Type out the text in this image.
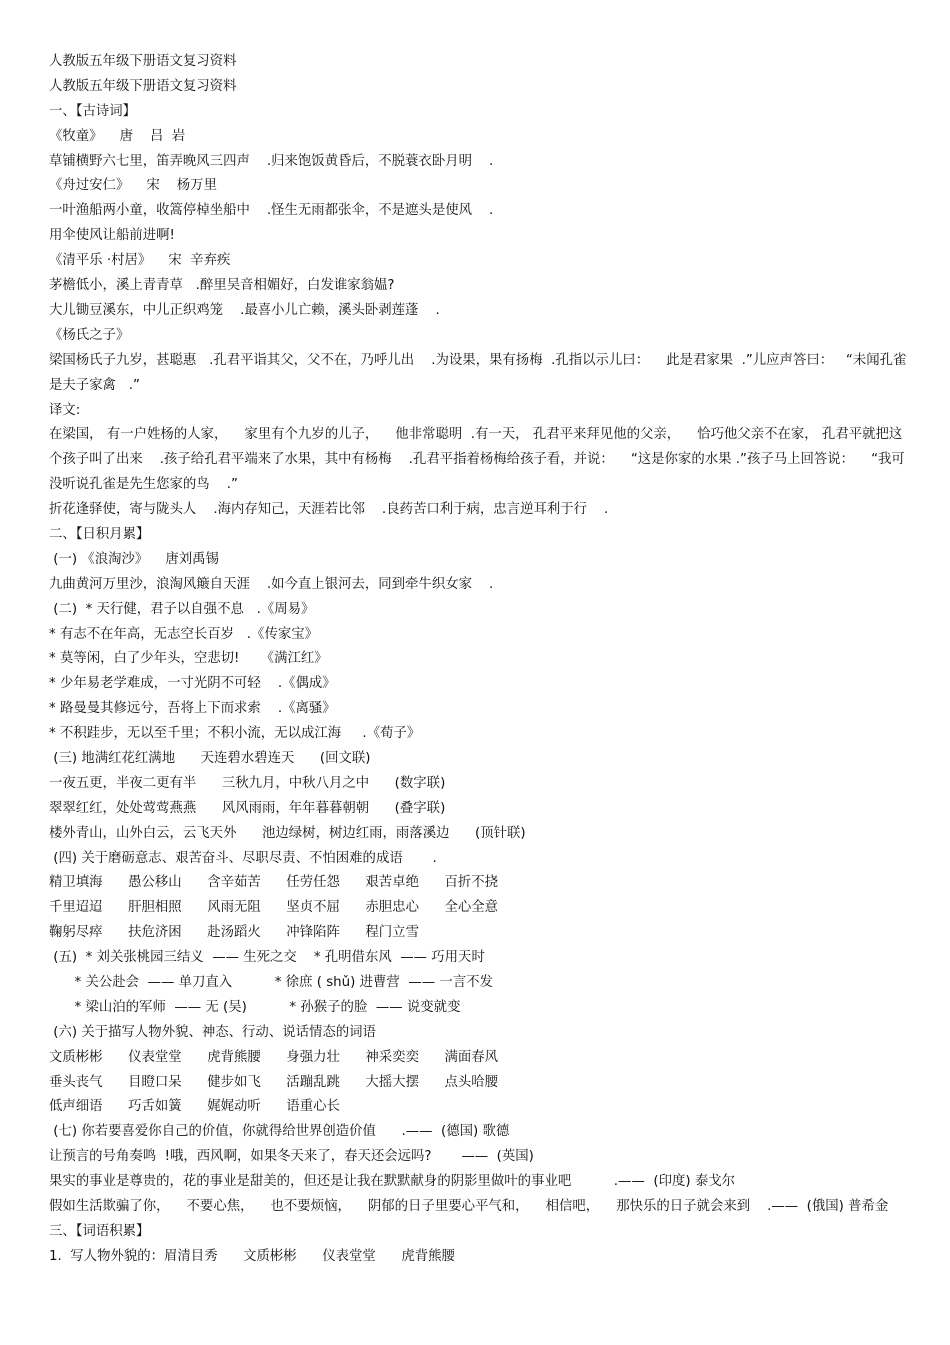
人教版五年级下册语文复习资料
人教版五年级下册语文复习资料
一、【古诗词】
《牧童》    唐    吕  岩
草铺横野六七里，笛弄晚风三四声    .归来饱饭黄昏后，不脱蓑衣卧月明    .
《舟过安仁》    宋    杨万里
一叶渔船两小童，收篙停棹坐船中    .怪生无雨都张伞，不是遮头是使风    .
用伞使风让船前进啊!
《清平乐 ·村居》    宋  辛弃疾
茅檐低小，溪上青青草   .醉里吴音相媚好，白发谁家翁媪?
大儿锄豆溪东，中儿正织鸡笼    .最喜小儿亡赖，溪头卧剥莲蓬    .
《杨氏之子》
梁国杨氏子九岁，甚聪惠   .孔君平诣其父，父不在，乃呼儿出    .为设果，果有扬梅  .孔指以示儿曰：    此是君家果  .”儿应声答曰：   “未闻孔雀是夫子家禽   .”
译文:
在梁国， 有一户姓杨的人家，    家里有个九岁的儿子，    他非常聪明  .有一天， 孔君平来拜见他的父亲，    恰巧他父亲不在家， 孔君平就把这个孩子叫了出来    .孩子给孔君平端来了水果，其中有杨梅    .孔君平指着杨梅给孩子看，并说：    “这是你家的水果 .”孩子马上回答说：    “我可没听说孔雀是先生您家的鸟    .”
折花逢驿使，寄与陇头人    .海内存知己，天涯若比邻    .良药苦口利于病，忠言逆耳利于行    .
二、【日积月累】
(一) 《浪淘沙》    唐刘禹锡
九曲黄河万里沙，浪淘风簸自天涯    .如今直上银河去，同到牵牛织女家    .
(二)  * 天行健，君子以自强不息   .《周易》
* 有志不在年高，无志空长百岁   .《传家宝》
* 莫等闲，白了少年头，空悲切!     《满江红》
* 少年易老学难成，一寸光阴不可轻    .《偶成》
* 路曼曼其修远兮，吾将上下而求索    .《离骚》
* 不积跬步，无以至千里；不积小流，无以成江海     .《荀子》
(三) 地满红花红满地      天连碧水碧连天      (回文联)
一夜五更，半夜二更有半      三秋九月，中秋八月之中      (数字联)
翠翠红红，处处莺莺燕燕      风风雨雨，年年暮暮朝朝      (叠字联)
楼外青山，山外白云，云飞天外      池边绿树，树边红雨，雨落溪边      (顶针联)
(四) 关于磨砺意志、艰苦奋斗、尽职尽责、不怕困难的成语       .
精卫填海      愚公移山      含辛茹苦      任劳任怨      艰苦卓绝      百折不挠
千里迢迢      肝胆相照      风雨无阻      坚贞不屈      赤胆忠心      全心全意
鞠躬尽瘁      扶危济困      赴汤蹈火      冲锋陷阵      程门立雪
(五)  * 刘关张桃园三结义  —— 生死之交    * 孔明借东风  —— 巧用天时
* 关公赴会  —— 单刀直入          * 徐庶 ( shǔ) 进曹营  —— 一言不发
* 梁山泊的军师  —— 无 (吴)          * 孙猴子的脸  —— 说变就变
(六) 关于描写人物外貌、神态、行动、说话情态的词语
文质彬彬      仪表堂堂      虎背熊腰      身强力壮      神采奕奕      满面春风
垂头丧气      目瞪口呆      健步如飞      活蹦乱跳      大摇大摆      点头哈腰
低声细语      巧舌如簧      娓娓动听      语重心长
(七) 你若要喜爱你自己的价值，你就得给世界创造价值      .——  (德国) 歌德
让预言的号角奏鸣  !哦，西风啊，如果冬天来了，春天还会远吗?       ——  (英国)
果实的事业是尊贵的，花的事业是甜美的，但还是让我在默默献身的阴影里做叶的事业吧          .——  (印度) 泰戈尔
假如生活欺骗了你，    不要心焦，    也不要烦恼，    阴郁的日子里要心平气和，    相信吧，    那快乐的日子就会来到    .——  (俄国) 普希金
三、【词语积累】
1.  写人物外貌的：眉清目秀      文质彬彬      仪表堂堂      虎背熊腰
